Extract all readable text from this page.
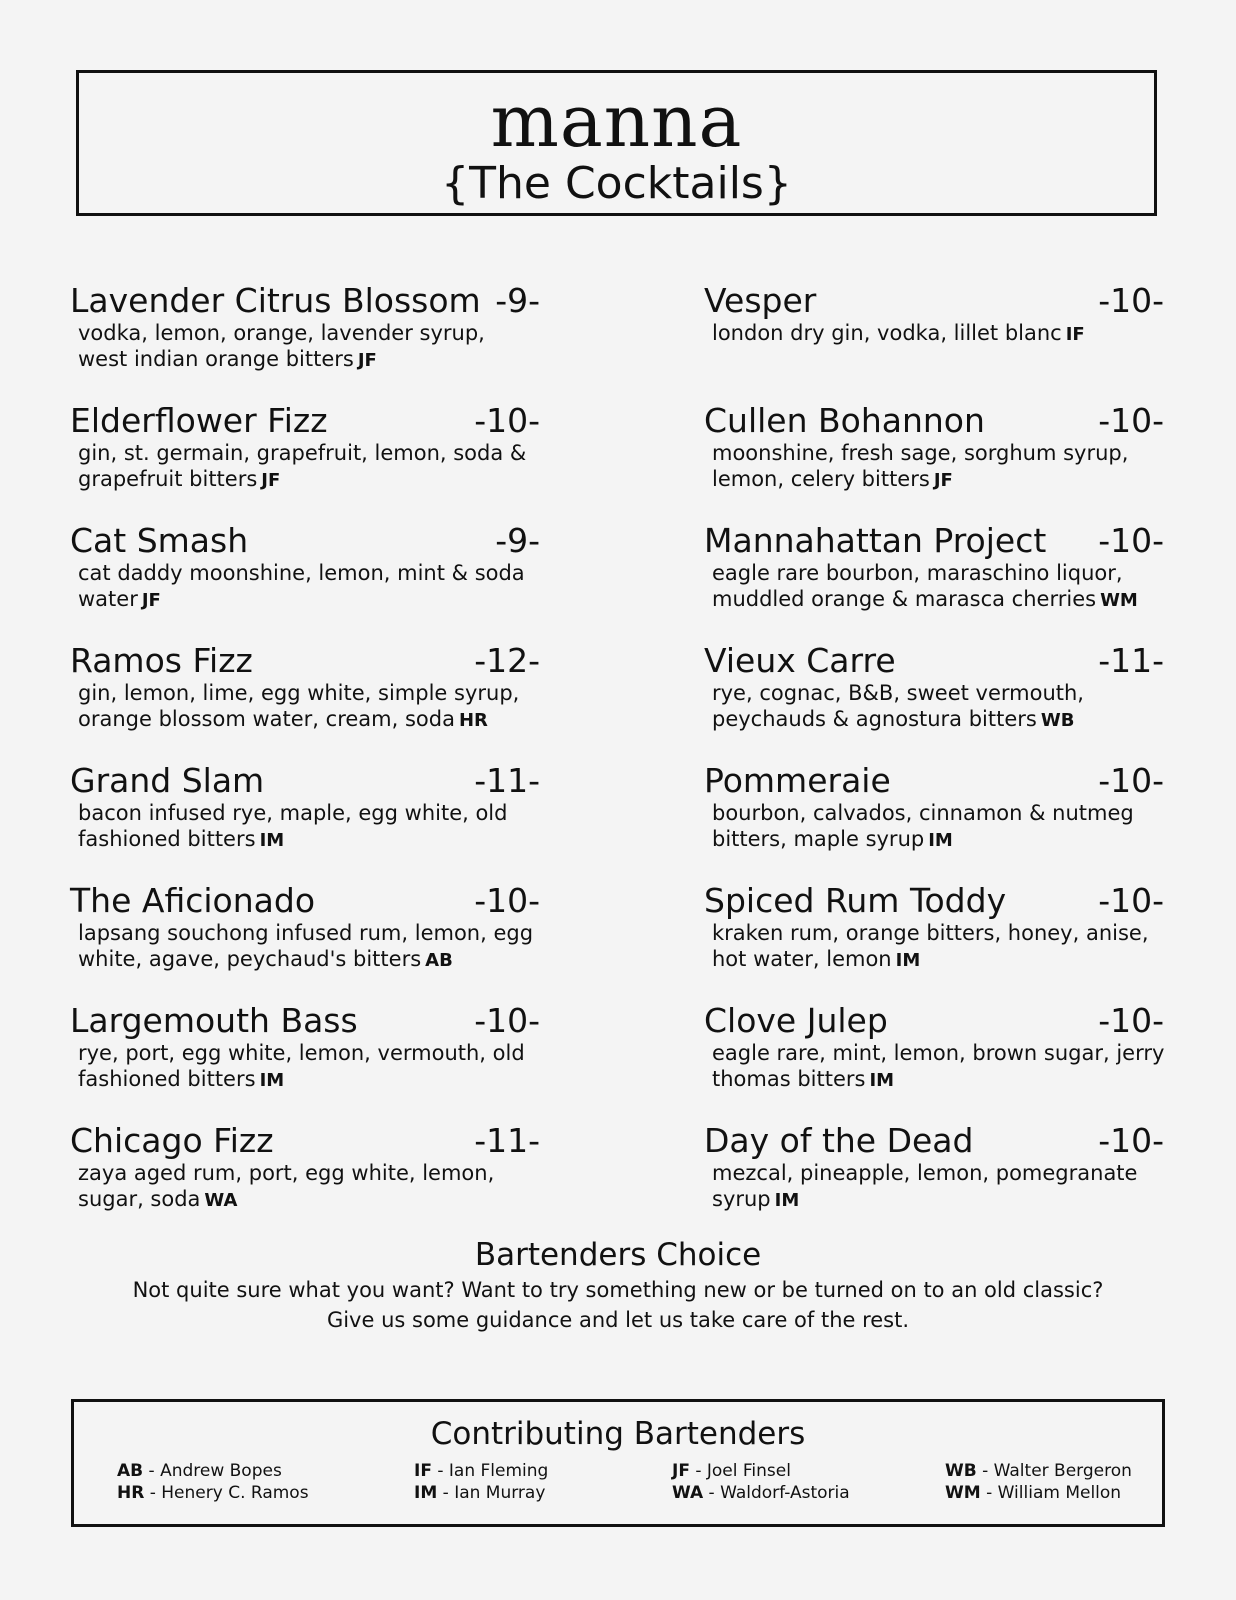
manna
{The Cocktails}
Lavender Citrus Blossom -9-
vodka, lemon, orange, lavender syrup, west indian orange bitters JF
Elderflower Fizz	-10-
gin, st. germain, grapefruit, lemon, soda & grapefruit bitters JF
Cat Smash	-9-
cat daddy moonshine, lemon, mint & soda water JF
Ramos Fizz	-12-
gin, lemon, lime, egg white, simple syrup, orange blossom water, cream, soda HR
Grand Slam	-11-
bacon infused rye, maple, egg white, old fashioned bitters IM
The Aficionado	-10-
lapsang souchong infused rum, lemon, egg white, agave, peychaud's bitters AB
Largemouth Bass	-10-
rye, port, egg white, lemon, vermouth, old fashioned bitters IM
Chicago Fizz	-11-
zaya aged rum, port, egg white, lemon, sugar, soda WA
Vesper	-10-
london dry gin, vodka, lillet blanc IF
Cullen Bohannon	-10-
moonshine, fresh sage, sorghum syrup, lemon, celery bitters JF
Mannahattan Project -10-
eagle rare bourbon, maraschino liquor, muddled orange & marasca cherries WM
Vieux Carre	-11-
rye, cognac, B&B, sweet vermouth, peychauds & agnostura bitters WB
Pommeraie	-10-
bourbon, calvados, cinnamon & nutmeg bitters, maple syrup IM
Spiced Rum Toddy	-10-
kraken rum, orange bitters, honey, anise, hot water, lemon IM
Clove Julep	-10-
eagle rare, mint, lemon, brown sugar, jerry thomas bitters IM
Day of the Dead	-10-
mezcal, pineapple, lemon, pomegranate syrup IM
Bartenders Choice
Not quite sure what you want? Want to try something new or be turned on to an old classic?
Give us some guidance and let us take care of the rest.
Contributing Bartenders
AB - Andrew Bopes
HR - Henery C. Ramos
IF - Ian Fleming
IM - Ian Murray
JF - Joel Finsel
WA - Waldorf-Astoria
WB - Walter Bergeron
WM - William Mellon
